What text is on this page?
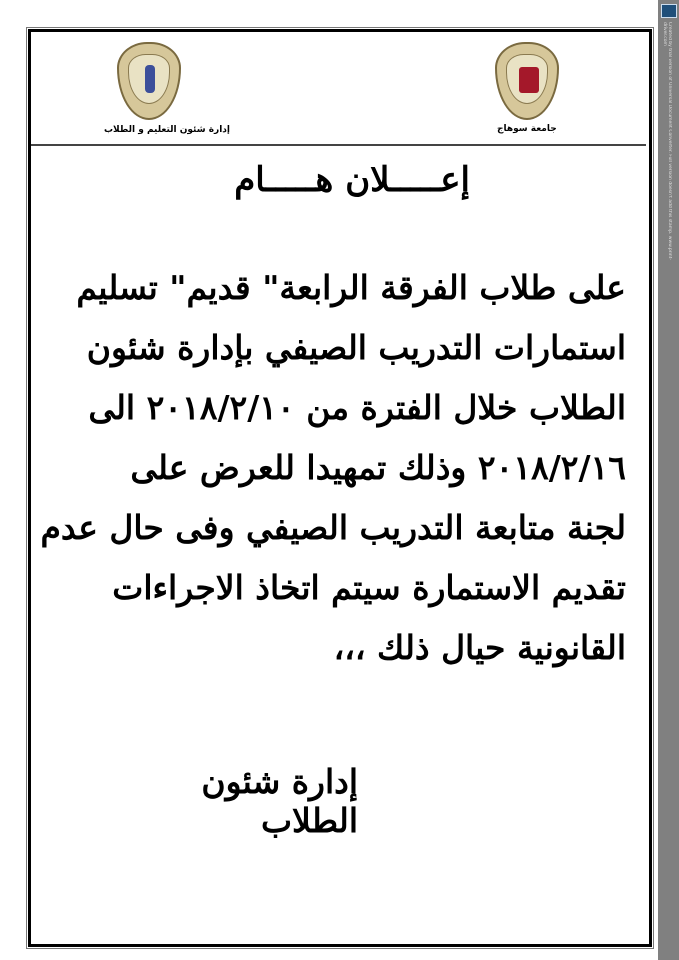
إدارة شئون التعليم و الطلاب	جامعة سوهاج
إعـــــلان هـــــام
على طلاب الفرقة الرابعة" قديم" تسليم
استمارات التدريب الصيفي بإدارة شئون
الطلاب خلال الفترة من ٢٠١٨/٢/١٠ الى
٢٠١٨/٢/١٦ وذلك تمهيدا للعرض على
لجنة متابعة التدريب الصيفي وفى حال عدم
تقديم الاستمارة سيتم اتخاذ الاجراءات
القانونية حيال ذلك ،،،
إدارة شئون الطلاب
Created by trial version of Universal Document Converter. Full version doesn't add this stamp. www.print-driver.com
